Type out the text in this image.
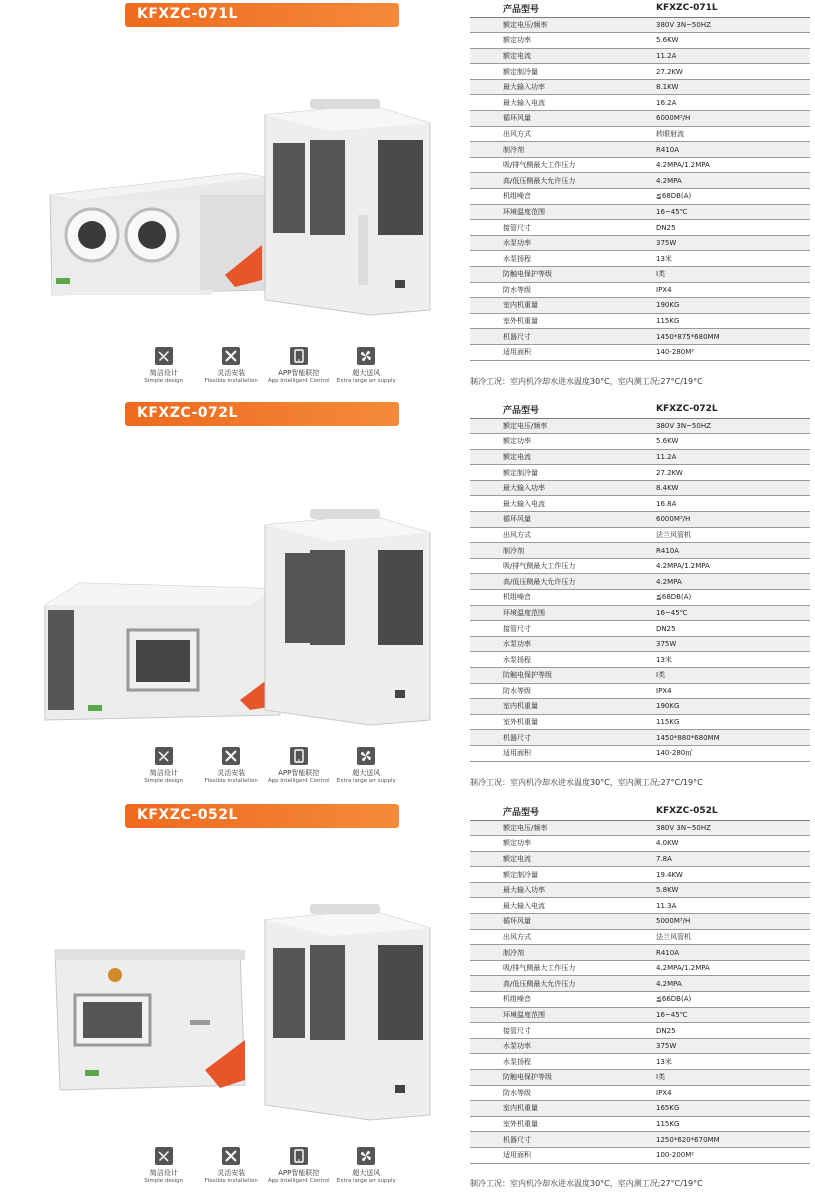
KFXZC-071L
简洁设计
Simple design
灵活安装
Flexible installation
APP智能联控
App Intelligent Control
超大送风
Extra large air supply
产品型号	KFXZC-071L
额定电压/频率	380V 3N~50HZ
额定功率	5.6KW
额定电流	11.2A
额定制冷量	27.2KW
最大输入功率	8.1KW
最大输入电流	16.2A
循环风量	6000M³/H
出风方式	转眼射流
制冷剂	R410A
吸/排气侧最大工作压力	4.2MPA/1.2MPA
高/低压侧最大允许压力	4.2MPA
机组噪音	≦68DB(A)
环境温度范围	16~45℃
接管尺寸	DN25
水泵功率	375W
水泵扬程	13米
防触电保护等级	I类
防水等级	IPX4
室内机重量	190KG
室外机重量	115KG
机器尺寸	1450*875*680MM
适用面积	140-280M²
制冷工况：室内机冷却水进水温度30°C，室内测工况;27°C/19°C
KFXZC-072L
简洁设计
Simple design
灵活安装
Flexible installation
APP智能联控
App Intelligent Control
超大送风
Extra large air supply
产品型号	KFXZC-072L
额定电压/频率	380V 3N~50HZ
额定功率	5.6KW
额定电流	11.2A
额定制冷量	27.2KW
最大输入功率	8.4KW
最大输入电流	16.8A
循环风量	6000M³/H
出风方式	法兰风管机
制冷剂	R410A
吸/排气侧最大工作压力	4.2MPA/1.2MPA
高/低压侧最大允许压力	4.2MPA
机组噪音	≦68DB(A)
环境温度范围	16~45℃
接管尺寸	DN25
水泵功率	375W
水泵扬程	13米
防触电保护等级	I类
防水等级	IPX4
室内机重量	190KG
室外机重量	115KG
机器尺寸	1450*880*680MM
适用面积	140-280㎡
制冷工况：室内机冷却水进水温度30°C，室内测工况;27°C/19°C
KFXZC-052L
简洁设计
Simple design
灵活安装
Flexible installation
APP智能联控
App Intelligent Control
超大送风
Extra large air supply
产品型号	KFXZC-052L
额定电压/频率	380V 3N~50HZ
额定功率	4.0KW
额定电流	7.8A
额定制冷量	19.4KW
最大输入功率	5.8KW
最大输入电流	11.3A
循环风量	5000M³/H
出风方式	法兰风管机
制冷剂	R410A
吸/排气侧最大工作压力	4.2MPA/1.2MPA
高/低压侧最大允许压力	4.2MPA
机组噪音	≦66DB(A)
环境温度范围	16~45℃
接管尺寸	DN25
水泵功率	375W
水泵扬程	13米
防触电保护等级	I类
防水等级	IPX4
室内机重量	165KG
室外机重量	115KG
机器尺寸	1250*620*670MM
适用面积	100-200M²
制冷工况：室内机冷却水进水温度30°C，室内测工况;27°C/19°C
